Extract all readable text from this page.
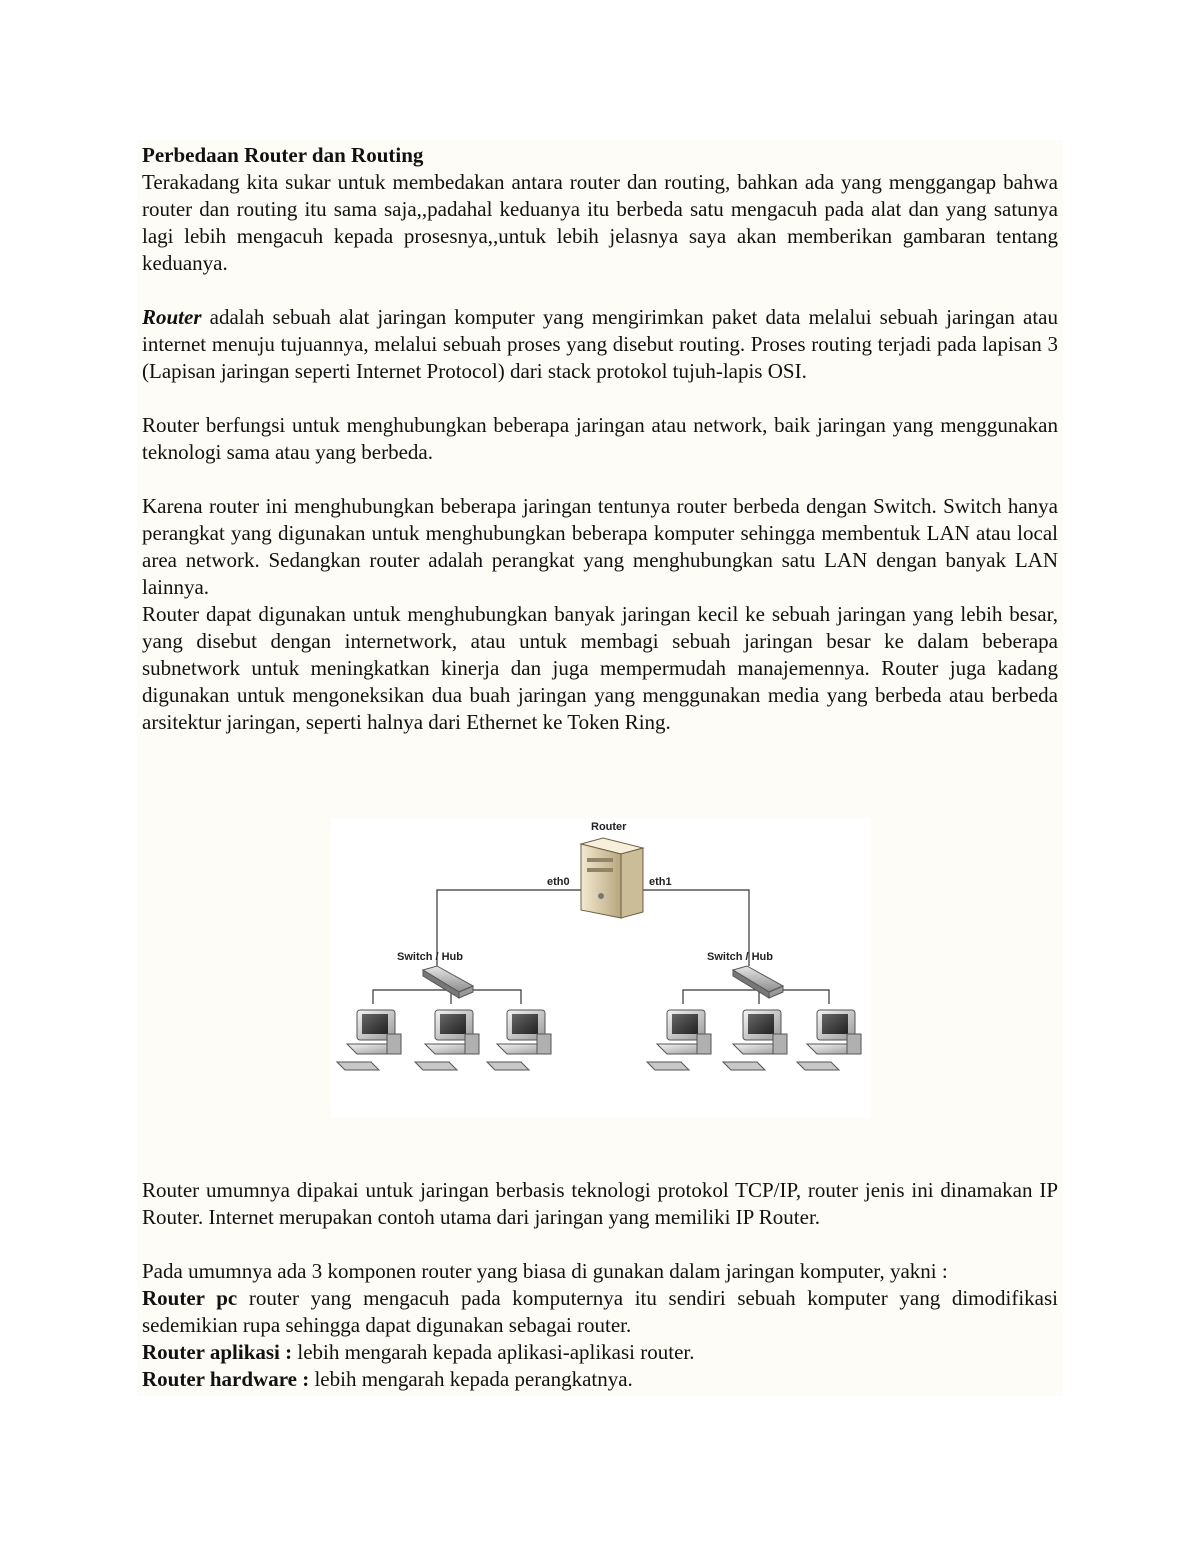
Perbedaan Router dan Routing

Terakadang kita sukar untuk membedakan antara router dan routing, bahkan ada yang menggangap bahwa router dan routing itu sama saja,,padahal keduanya itu berbeda satu mengacuh pada alat dan yang satunya lagi lebih mengacuh kepada prosesnya,,untuk lebih jelasnya saya akan memberikan gambaran tentang keduanya.

Router adalah sebuah alat jaringan komputer yang mengirimkan paket data melalui sebuah jaringan atau internet menuju tujuannya, melalui sebuah proses yang disebut routing. Proses routing terjadi pada lapisan 3 (Lapisan jaringan seperti Internet Protocol) dari stack protokol tujuh-lapis OSI.

Router berfungsi untuk menghubungkan beberapa jaringan atau network, baik jaringan yang menggunakan teknologi sama atau yang berbeda.

Karena router ini menghubungkan beberapa jaringan tentunya router berbeda dengan Switch. Switch hanya perangkat yang digunakan untuk menghubungkan beberapa komputer sehingga membentuk LAN atau local area network. Sedangkan router adalah perangkat yang menghubungkan satu LAN dengan banyak LAN lainnya.

Router dapat digunakan untuk menghubungkan banyak jaringan kecil ke sebuah jaringan yang lebih besar, yang disebut dengan internetwork, atau untuk membagi sebuah jaringan besar ke dalam beberapa subnetwork untuk meningkatkan kinerja dan juga mempermudah manajemennya. Router juga kadang digunakan untuk mengoneksikan dua buah jaringan yang menggunakan media yang berbeda atau berbeda arsitektur jaringan, seperti halnya dari Ethernet ke Token Ring.

Router
eth0	eth1
Switch / Hub	Switch / Hub

Router umumnya dipakai untuk jaringan berbasis teknologi protokol TCP/IP, router jenis ini dinamakan IP Router. Internet merupakan contoh utama dari jaringan yang memiliki IP Router.

Pada umumnya ada 3 komponen router yang biasa di gunakan dalam jaringan komputer, yakni :

Router pc router yang mengacuh pada komputernya itu sendiri sebuah komputer yang dimodifikasi sedemikian rupa sehingga dapat digunakan sebagai router.

Router aplikasi : lebih mengarah kepada aplikasi-aplikasi router.

Router hardware : lebih mengarah kepada perangkatnya.
